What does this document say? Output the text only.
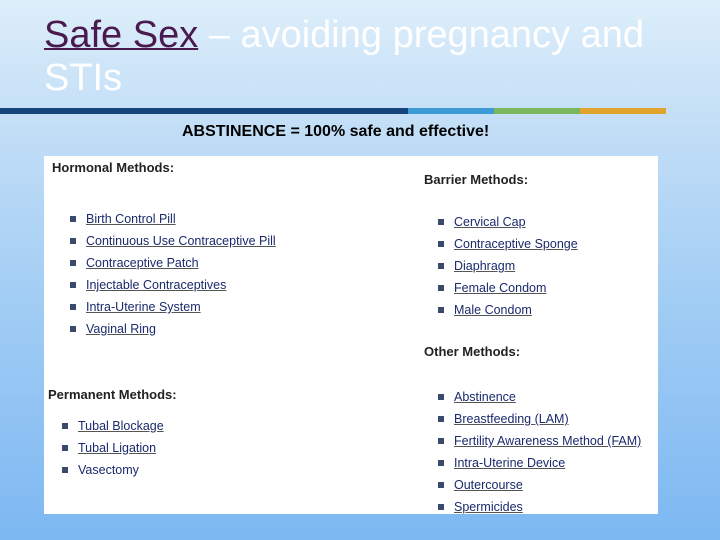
Safe Sex – avoiding pregnancy and STIs
ABSTINENCE = 100% safe and effective!
Hormonal Methods:
Birth Control Pill
Continuous Use Contraceptive Pill
Contraceptive Patch
Injectable Contraceptives
Intra-Uterine System
Vaginal Ring
Barrier Methods:
Cervical Cap
Contraceptive Sponge
Diaphragm
Female Condom
Male Condom
Other Methods:
Abstinence
Breastfeeding (LAM)
Fertility Awareness Method (FAM)
Intra-Uterine Device
Outercourse
Spermicides
Permanent Methods:
Tubal Blockage
Tubal Ligation
Vasectomy
